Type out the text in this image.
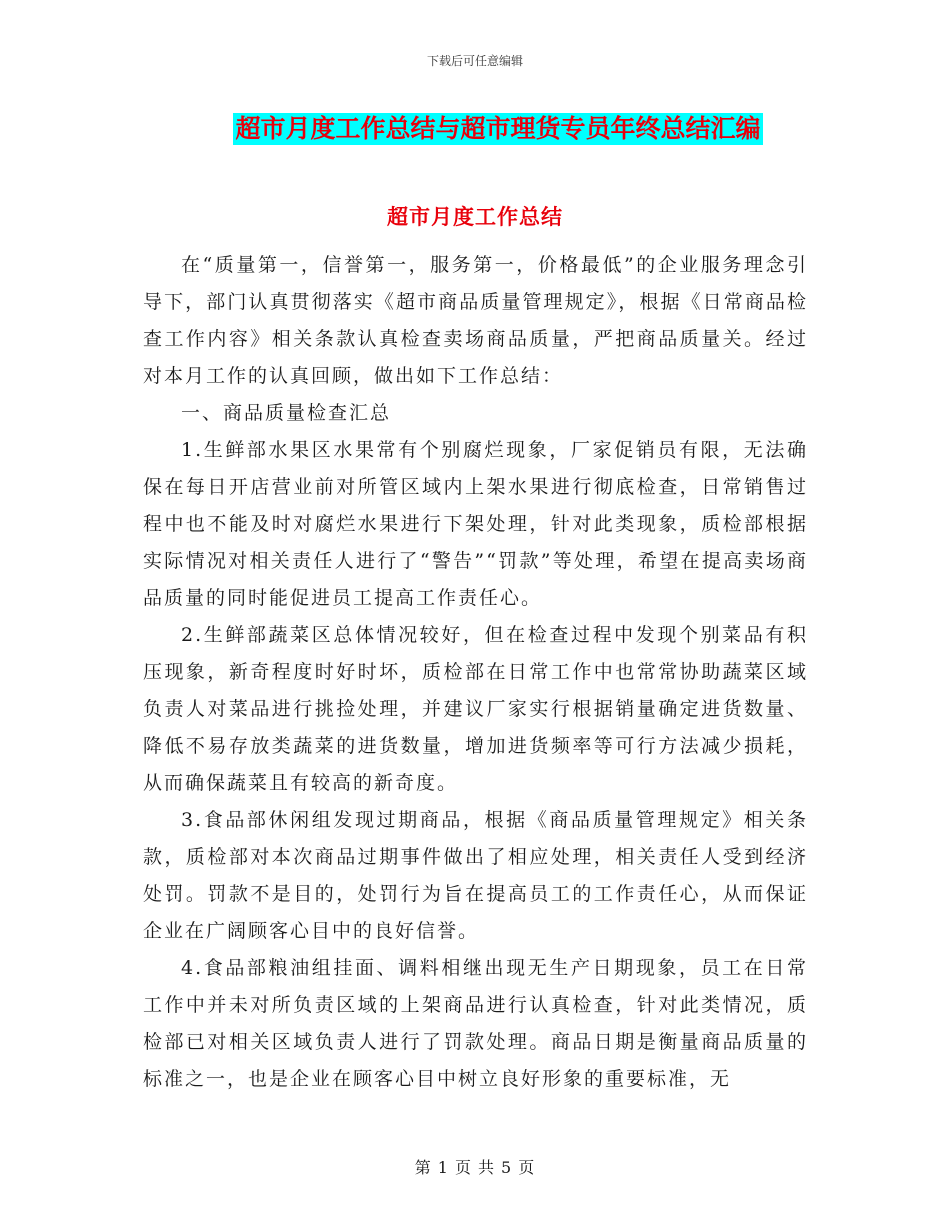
下载后可任意编辑
超市月度工作总结与超市理货专员年终总结汇编
超市月度工作总结

在“质量第一，信誉第一，服务第一，价格最低”的企业服务理念引导下，部门认真贯彻落实《超市商品质量管理规定》，根据《日常商品检查工作内容》相关条款认真检查卖场商品质量，严把商品质量关。经过对本月工作的认真回顾，做出如下工作总结：

一、商品质量检查汇总

1.生鲜部水果区水果常有个别腐烂现象，厂家促销员有限，无法确保在每日开店营业前对所管区域内上架水果进行彻底检查，日常销售过程中也不能及时对腐烂水果进行下架处理，针对此类现象，质检部根据实际情况对相关责任人进行了“警告”“罚款”等处理，希望在提高卖场商品质量的同时能促进员工提高工作责任心。

2.生鲜部蔬菜区总体情况较好，但在检查过程中发现个别菜品有积压现象，新奇程度时好时坏，质检部在日常工作中也常常协助蔬菜区域负责人对菜品进行挑捡处理，并建议厂家实行根据销量确定进货数量、降低不易存放类蔬菜的进货数量，增加进货频率等可行方法减少损耗，从而确保蔬菜且有较高的新奇度。

3.食品部休闲组发现过期商品，根据《商品质量管理规定》相关条款，质检部对本次商品过期事件做出了相应处理，相关责任人受到经济处罚。罚款不是目的，处罚行为旨在提高员工的工作责任心，从而保证企业在广阔顾客心目中的良好信誉。

4.食品部粮油组挂面、调料相继出现无生产日期现象，员工在日常工作中并未对所负责区域的上架商品进行认真检查，针对此类情况，质检部已对相关区域负责人进行了罚款处理。商品日期是衡量商品质量的标准之一，也是企业在顾客心目中树立良好形象的重要标准，无

第 1 页 共 5 页
